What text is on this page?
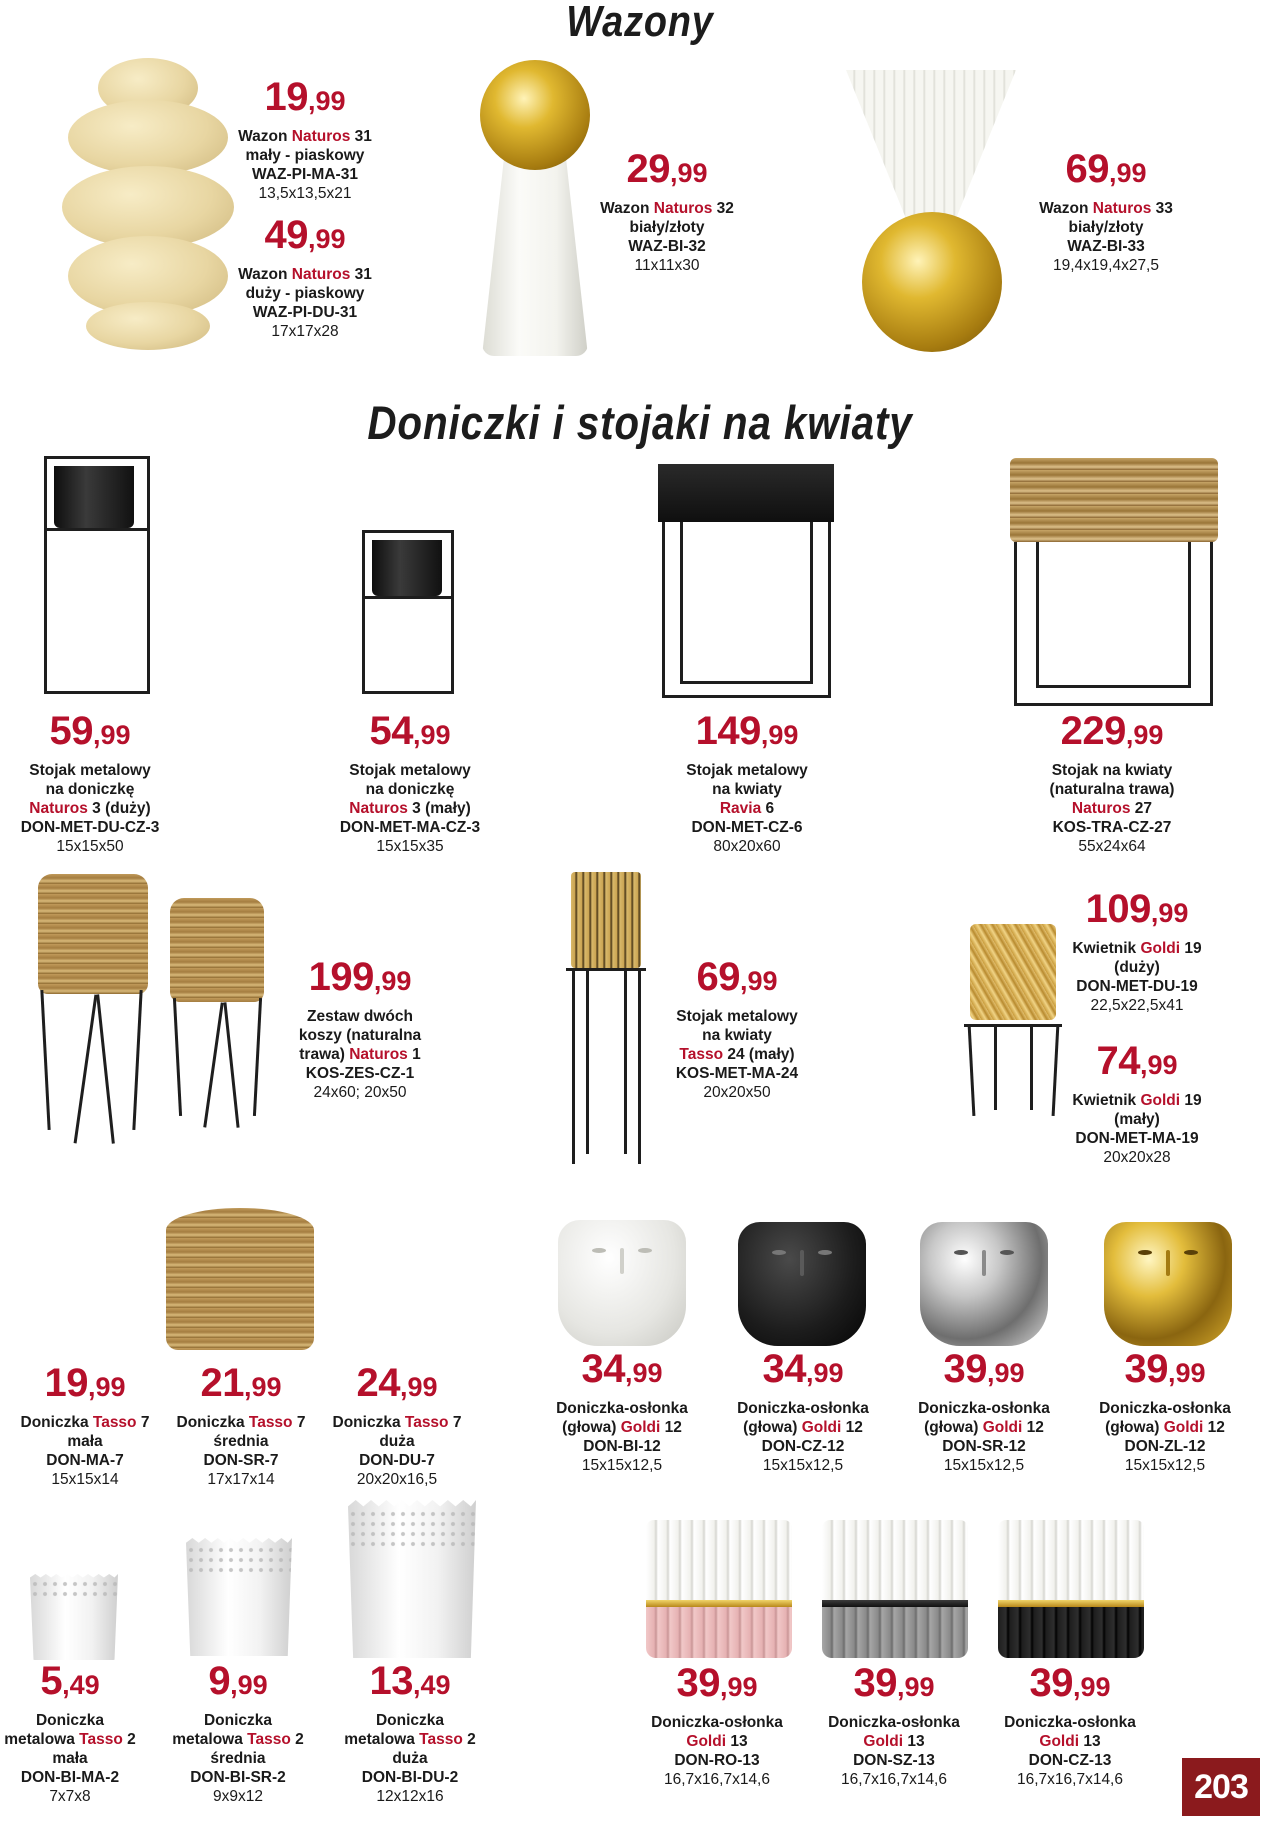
Wazony
Doniczki i stojaki na kwiaty
19,99
Wazon Naturos 31
mały - piaskowy
WAZ-PI-MA-31
13,5x13,5x21
49,99
Wazon Naturos 31
duży - piaskowy
WAZ-PI-DU-31
17x17x28
29,99
Wazon Naturos 32
biały/złoty
WAZ-BI-32
11x11x30
69,99
Wazon Naturos 33
biały/złoty
WAZ-BI-33
19,4x19,4x27,5
59,99
Stojak metalowy
na doniczkę
Naturos 3 (duży)
DON-MET-DU-CZ-3
15x15x50
54,99
Stojak metalowy
na doniczkę
Naturos 3 (mały)
DON-MET-MA-CZ-3
15x15x35
149,99
Stojak metalowy
na kwiaty
Ravia 6
DON-MET-CZ-6
80x20x60
229,99
Stojak na kwiaty
(naturalna trawa)
Naturos 27
KOS-TRA-CZ-27
55x24x64
199,99
Zestaw dwóch
koszy (naturalna
trawa) Naturos 1
KOS-ZES-CZ-1
24x60; 20x50
69,99
Stojak metalowy
na kwiaty
Tasso 24 (mały)
KOS-MET-MA-24
20x20x50
109,99
Kwietnik Goldi 19
(duży)
DON-MET-DU-19
22,5x22,5x41
74,99
Kwietnik Goldi 19
(mały)
DON-MET-MA-19
20x20x28
19,99
Doniczka Tasso 7
mała
DON-MA-7
15x15x14
21,99
Doniczka Tasso 7
średnia
DON-SR-7
17x17x14
24,99
Doniczka Tasso 7
duża
DON-DU-7
20x20x16,5
34,99
Doniczka-osłonka
(głowa) Goldi 12
DON-BI-12
15x15x12,5
34,99
Doniczka-osłonka
(głowa) Goldi 12
DON-CZ-12
15x15x12,5
39,99
Doniczka-osłonka
(głowa) Goldi 12
DON-SR-12
15x15x12,5
39,99
Doniczka-osłonka
(głowa) Goldi 12
DON-ZL-12
15x15x12,5
5,49
Doniczka
metalowa Tasso 2
mała
DON-BI-MA-2
7x7x8
9,99
Doniczka
metalowa Tasso 2
średnia
DON-BI-SR-2
9x9x12
13,49
Doniczka
metalowa Tasso 2
duża
DON-BI-DU-2
12x12x16
39,99
Doniczka-osłonka
Goldi 13
DON-RO-13
16,7x16,7x14,6
39,99
Doniczka-osłonka
Goldi 13
DON-SZ-13
16,7x16,7x14,6
39,99
Doniczka-osłonka
Goldi 13
DON-CZ-13
16,7x16,7x14,6	203
